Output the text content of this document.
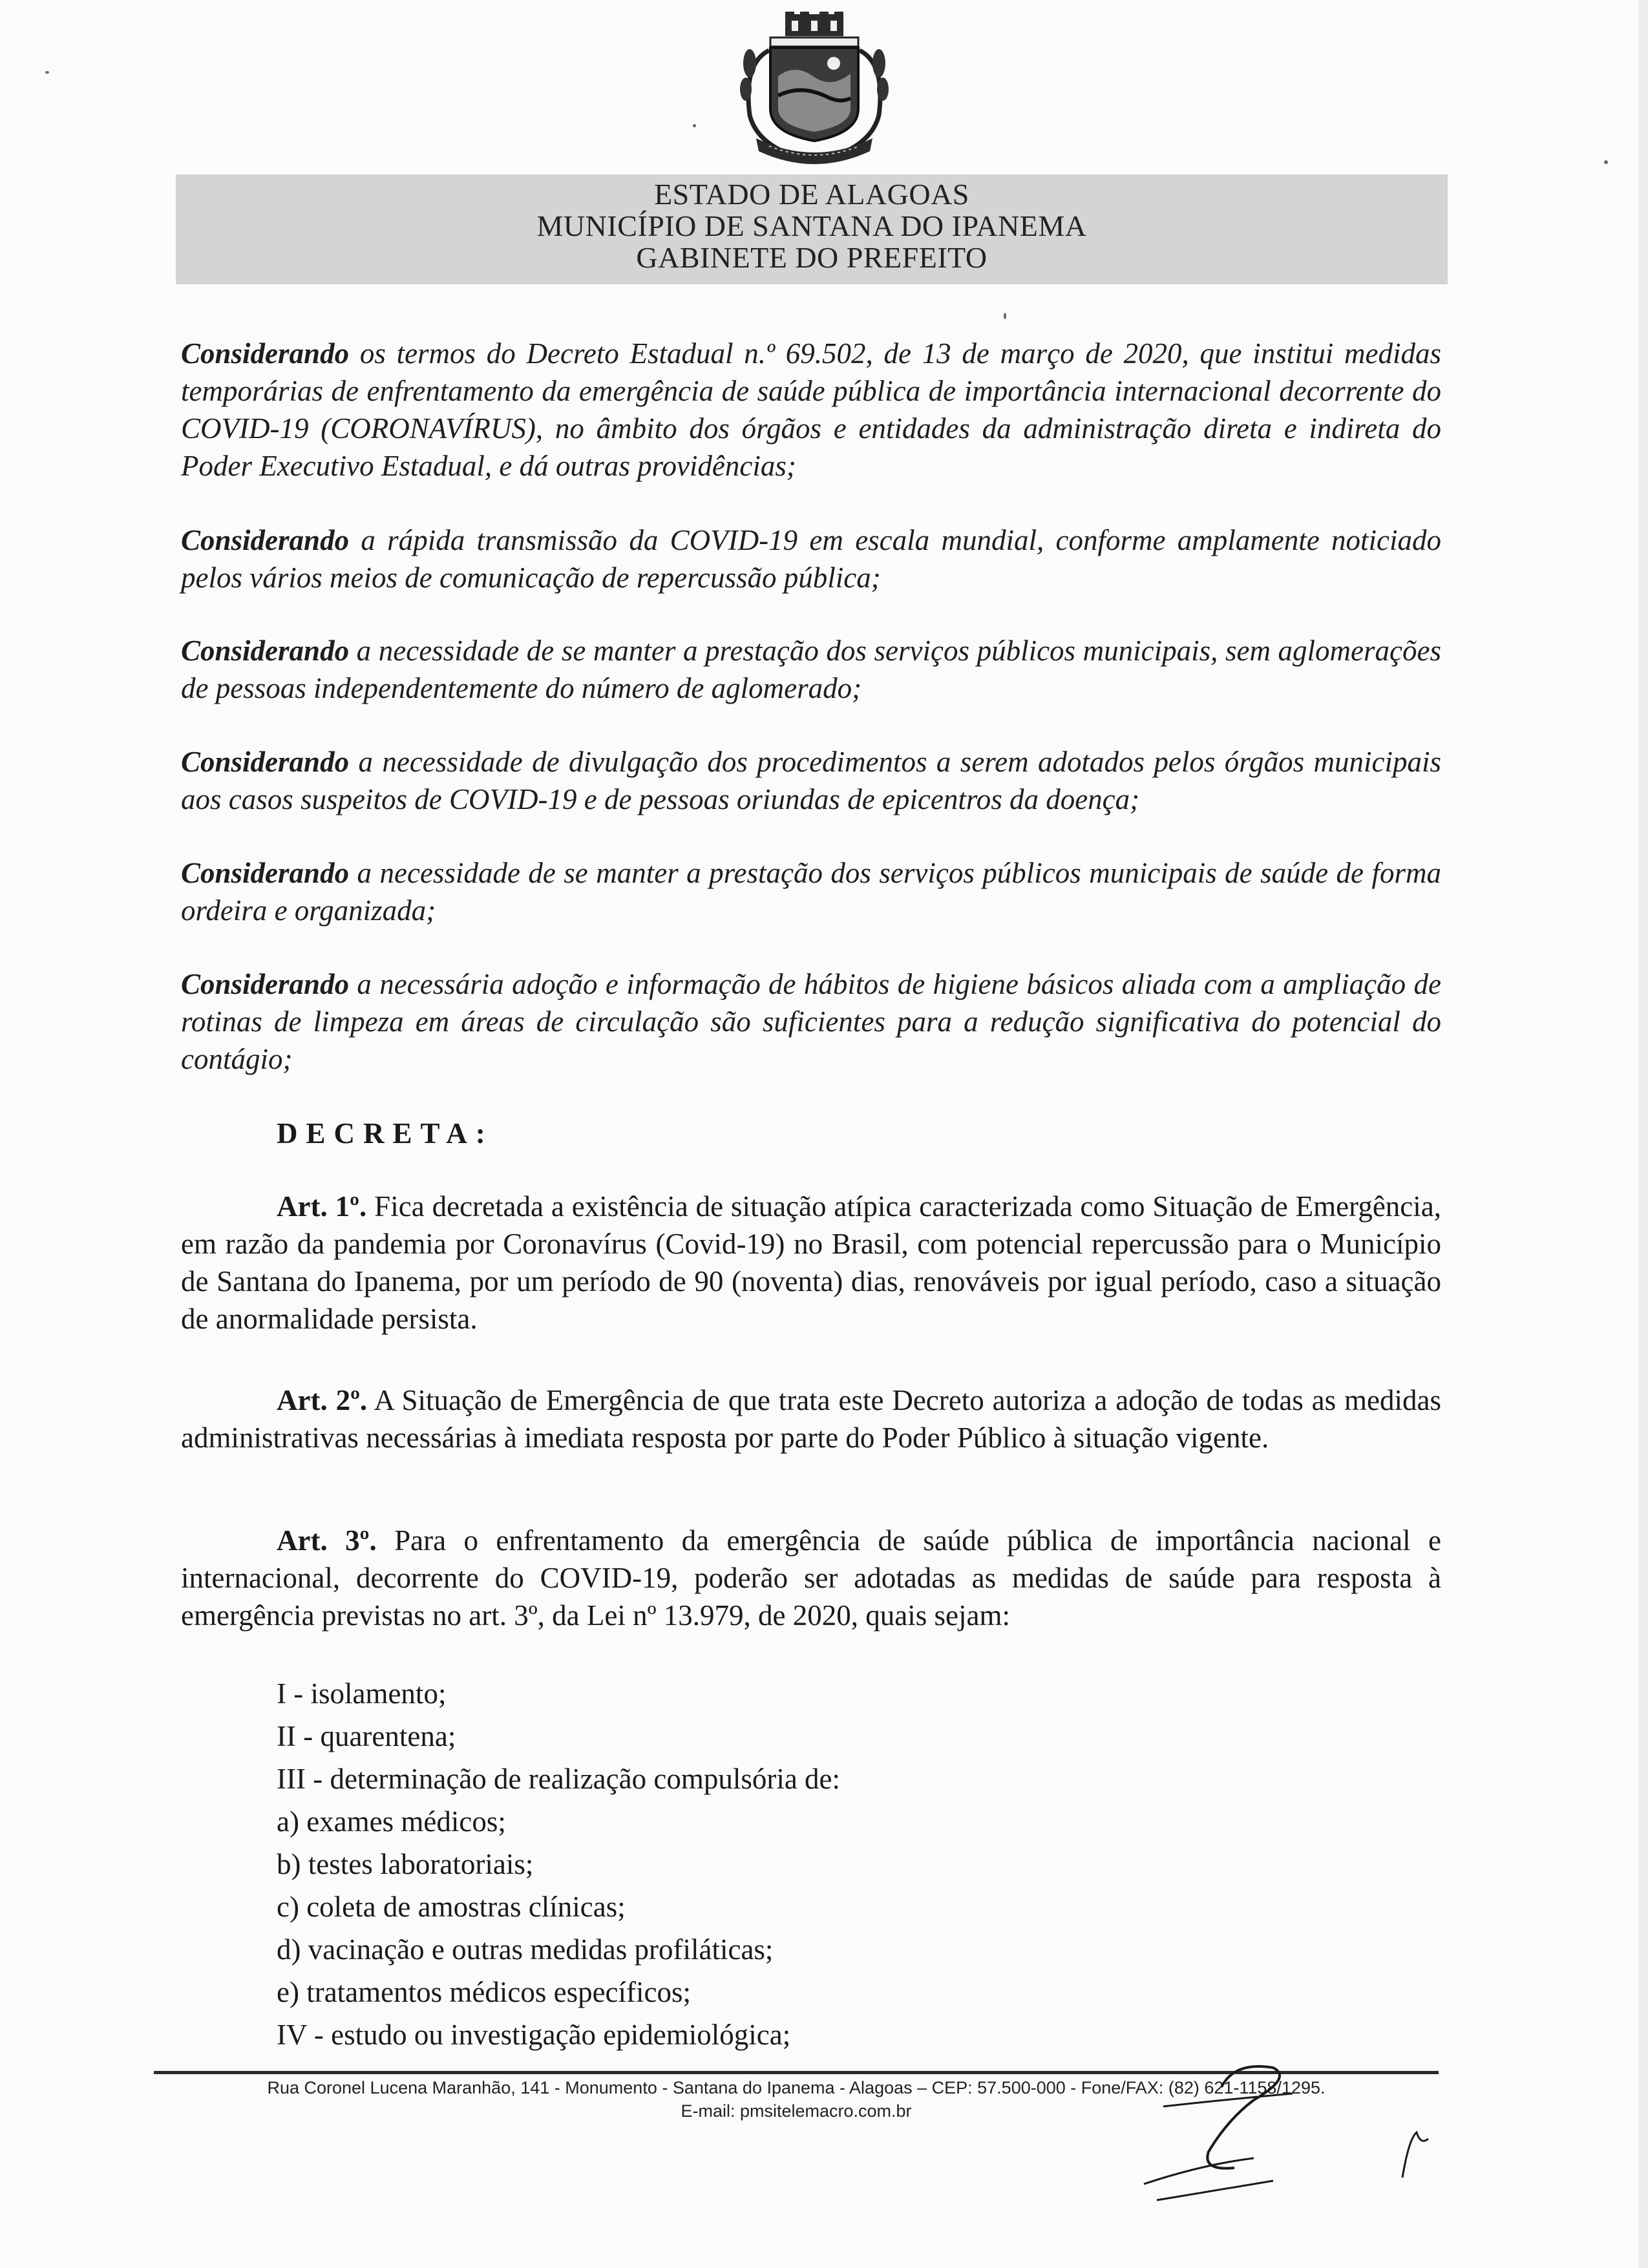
ESTADO DE ALAGOAS
MUNICÍPIO DE SANTANA DO IPANEMA
GABINETE DO PREFEITO
Considerando os termos do Decreto Estadual n.º 69.502, de 13 de março de 2020, que institui medidas temporárias de enfrentamento da emergência de saúde pública de importância internacional decorrente do COVID-19 (CORONAVÍRUS), no âmbito dos órgãos e entidades da administração direta e indireta do Poder Executivo Estadual, e dá outras providências;
Considerando a rápida transmissão da COVID-19 em escala mundial, conforme amplamente noticiado pelos vários meios de comunicação de repercussão pública;
Considerando a necessidade de se manter a prestação dos serviços públicos municipais, sem aglomerações de pessoas independentemente do número de aglomerado;
Considerando a necessidade de divulgação dos procedimentos a serem adotados pelos órgãos municipais aos casos suspeitos de COVID-19 e de pessoas oriundas de epicentros da doença;
Considerando a necessidade de se manter a prestação dos serviços públicos municipais de saúde de forma ordeira e organizada;
Considerando a necessária adoção e informação de hábitos de higiene básicos aliada com a ampliação de rotinas de limpeza em áreas de circulação são suficientes para a redução significativa do potencial do contágio;
DECRETA:
Art. 1º. Fica decretada a existência de situação atípica caracterizada como Situação de Emergência, em razão da pandemia por Coronavírus (Covid-19) no Brasil, com potencial repercussão para o Município de Santana do Ipanema, por um período de 90 (noventa) dias, renováveis por igual período, caso a situação de anormalidade persista.
Art. 2º. A Situação de Emergência de que trata este Decreto autoriza a adoção de todas as medidas administrativas necessárias à imediata resposta por parte do Poder Público à situação vigente.
Art. 3º. Para o enfrentamento da emergência de saúde pública de importância nacional e internacional, decorrente do COVID-19, poderão ser adotadas as medidas de saúde para resposta à emergência previstas no art. 3º, da Lei nº 13.979, de 2020, quais sejam:
I - isolamento;
II - quarentena;
III - determinação de realização compulsória de:
a) exames médicos;
b) testes laboratoriais;
c) coleta de amostras clínicas;
d) vacinação e outras medidas profiláticas;
e) tratamentos médicos específicos;
IV - estudo ou investigação epidemiológica;
Rua Coronel Lucena Maranhão, 141 - Monumento - Santana do Ipanema - Alagoas – CEP: 57.500-000 - Fone/FAX: (82) 621-1158/1295.
E-mail: pmsitelemacro.com.br
